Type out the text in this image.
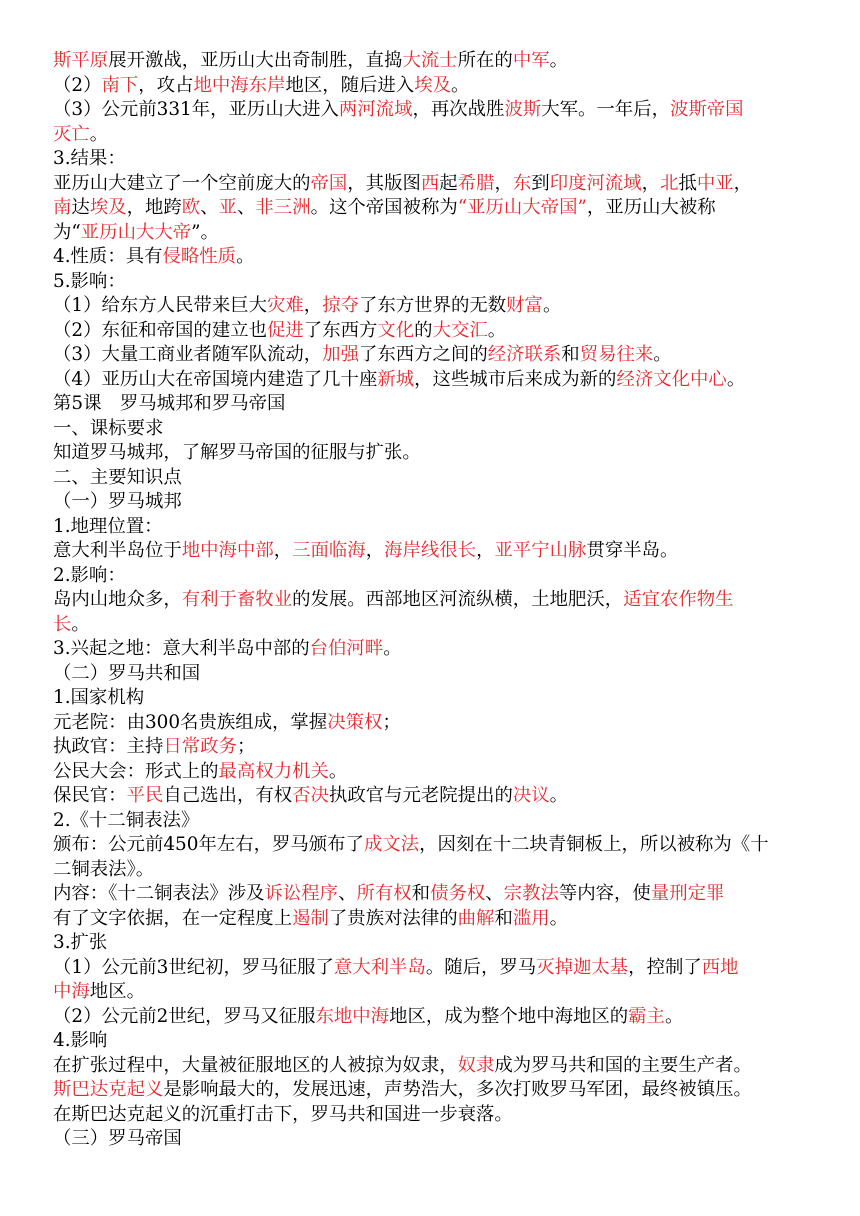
斯平原展开激战，亚历山大出奇制胜，直捣大流士所在的中军。
（2）南下，攻占地中海东岸地区，随后进入埃及。
（3）公元前331年，亚历山大进入两河流域，再次战胜波斯大军。一年后，波斯帝国
灭亡。
3.结果：
亚历山大建立了一个空前庞大的帝国，其版图西起希腊，东到印度河流域，北抵中亚，
南达埃及，地跨欧、亚、非三洲。这个帝国被称为“亚历山大帝国”，亚历山大被称
为“亚历山大大帝”。
4.性质：具有侵略性质。
5.影响：
（1）给东方人民带来巨大灾难，掠夺了东方世界的无数财富。
（2）东征和帝国的建立也促进了东西方文化的大交汇。
（3）大量工商业者随军队流动，加强了东西方之间的经济联系和贸易往来。
（4）亚历山大在帝国境内建造了几十座新城，这些城市后来成为新的经济文化中心。
第5课　罗马城邦和罗马帝国
一、课标要求
知道罗马城邦，了解罗马帝国的征服与扩张。
二、主要知识点
（一）罗马城邦
1.地理位置：
意大利半岛位于地中海中部，三面临海，海岸线很长，亚平宁山脉贯穿半岛。
2.影响：
岛内山地众多，有利于畜牧业的发展。西部地区河流纵横，土地肥沃，适宜农作物生
长。
3.兴起之地：意大利半岛中部的台伯河畔。
（二）罗马共和国
1.国家机构
元老院：由300名贵族组成，掌握决策权；
执政官：主持日常政务；
公民大会：形式上的最高权力机关。
保民官：平民自己选出，有权否决执政官与元老院提出的决议。
2.《十二铜表法》
颁布：公元前450年左右，罗马颁布了成文法，因刻在十二块青铜板上，所以被称为《十
二铜表法》。
内容：《十二铜表法》涉及诉讼程序、所有权和债务权、宗教法等内容，使量刑定罪
有了文字依据，在一定程度上遏制了贵族对法律的曲解和滥用。
3.扩张
（1）公元前3世纪初，罗马征服了意大利半岛。随后，罗马灭掉迦太基，控制了西地
中海地区。
（2）公元前2世纪，罗马又征服东地中海地区，成为整个地中海地区的霸主。
4.影响
在扩张过程中，大量被征服地区的人被掠为奴隶，奴隶成为罗马共和国的主要生产者。
斯巴达克起义是影响最大的，发展迅速，声势浩大，多次打败罗马军团，最终被镇压。
在斯巴达克起义的沉重打击下，罗马共和国进一步衰落。
（三）罗马帝国
